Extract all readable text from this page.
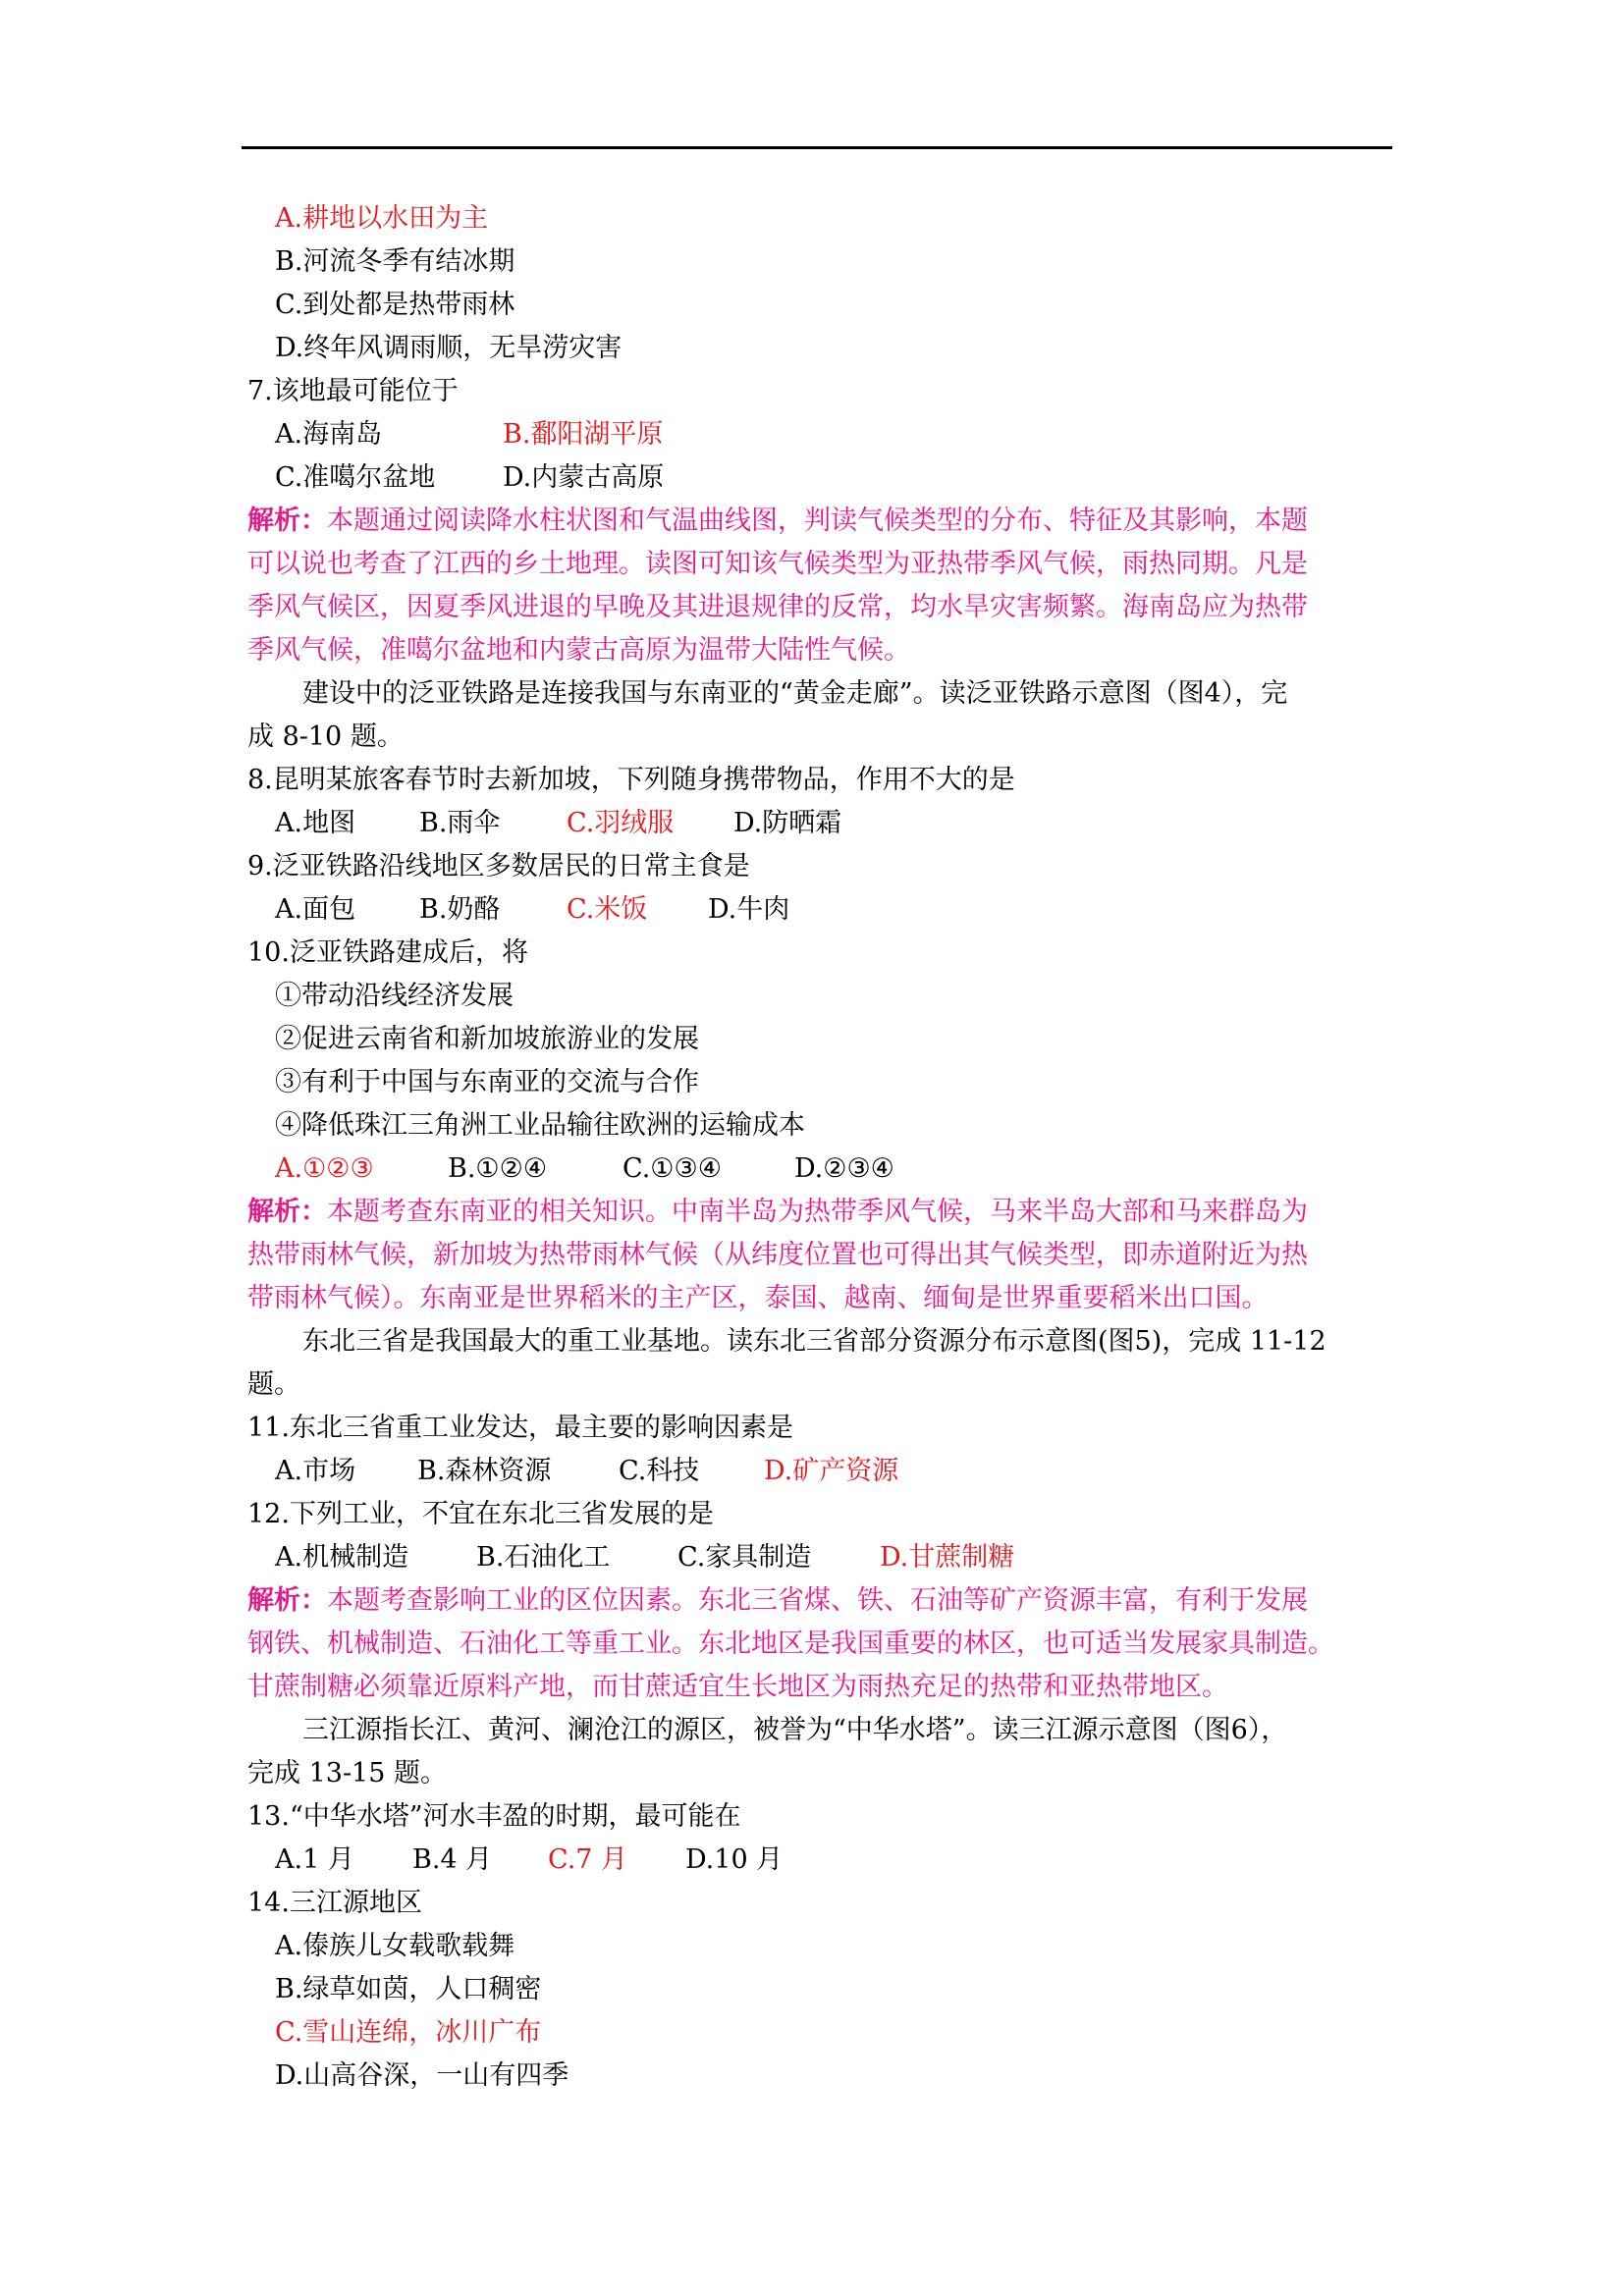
A.耕地以水田为主
B.河流冬季有结冰期
C.到处都是热带雨林
D.终年风调雨顺，无旱涝灾害
7.该地最可能位于
A.海南岛	B.鄱阳湖平原
C.准噶尔盆地	D.内蒙古高原
解析：本题通过阅读降水柱状图和气温曲线图，判读气候类型的分布、特征及其影响，本题
可以说也考查了江西的乡土地理。读图可知该气候类型为亚热带季风气候，雨热同期。凡是
季风气候区，因夏季风进退的早晚及其进退规律的反常，均水旱灾害频繁。海南岛应为热带
季风气候，准噶尔盆地和内蒙古高原为温带大陆性气候。
建设中的泛亚铁路是连接我国与东南亚的“黄金走廊”。读泛亚铁路示意图（图4），完
成 8-10 题。
8.昆明某旅客春节时去新加坡，下列随身携带物品，作用不大的是
A.地图 B.雨伞	C.羽绒服 D.防晒霜
9.泛亚铁路沿线地区多数居民的日常主食是
A.面包 B.奶酪	C.米饭 D.牛肉
10.泛亚铁路建成后，将
①带动沿线经济发展
②促进云南省和新加坡旅游业的发展
③有利于中国与东南亚的交流与合作
④降低珠江三角洲工业品输往欧洲的运输成本
A.①②③	B.①②④	C.①③④	D.②③④
解析：本题考查东南亚的相关知识。中南半岛为热带季风气候，马来半岛大部和马来群岛为
热带雨林气候，新加坡为热带雨林气候（从纬度位置也可得出其气候类型，即赤道附近为热
带雨林气候）。东南亚是世界稻米的主产区，泰国、越南、缅甸是世界重要稻米出口国。
东北三省是我国最大的重工业基地。读东北三省部分资源分布示意图(图5)，完成 11-12
题。
11.东北三省重工业发达，最主要的影响因素是
A.市场 B.森林资源	C.科技 D.矿产资源
12.下列工业，不宜在东北三省发展的是
A.机械制造	B.石油化工	C.家具制造	D.甘蔗制糖
解析：本题考查影响工业的区位因素。东北三省煤、铁、石油等矿产资源丰富，有利于发展
钢铁、机械制造、石油化工等重工业。东北地区是我国重要的林区，也可适当发展家具制造。
甘蔗制糖必须靠近原料产地，而甘蔗适宜生长地区为雨热充足的热带和亚热带地区。
三江源指长江、黄河、澜沧江的源区，被誉为“中华水塔”。读三江源示意图（图6），
完成 13-15 题。
13.“中华水塔”河水丰盈的时期，最可能在
A.1 月 B.4 月 C.7 月 D.10 月
14.三江源地区
A.傣族儿女载歌载舞
B.绿草如茵，人口稠密
C.雪山连绵，冰川广布
D.山高谷深，一山有四季
